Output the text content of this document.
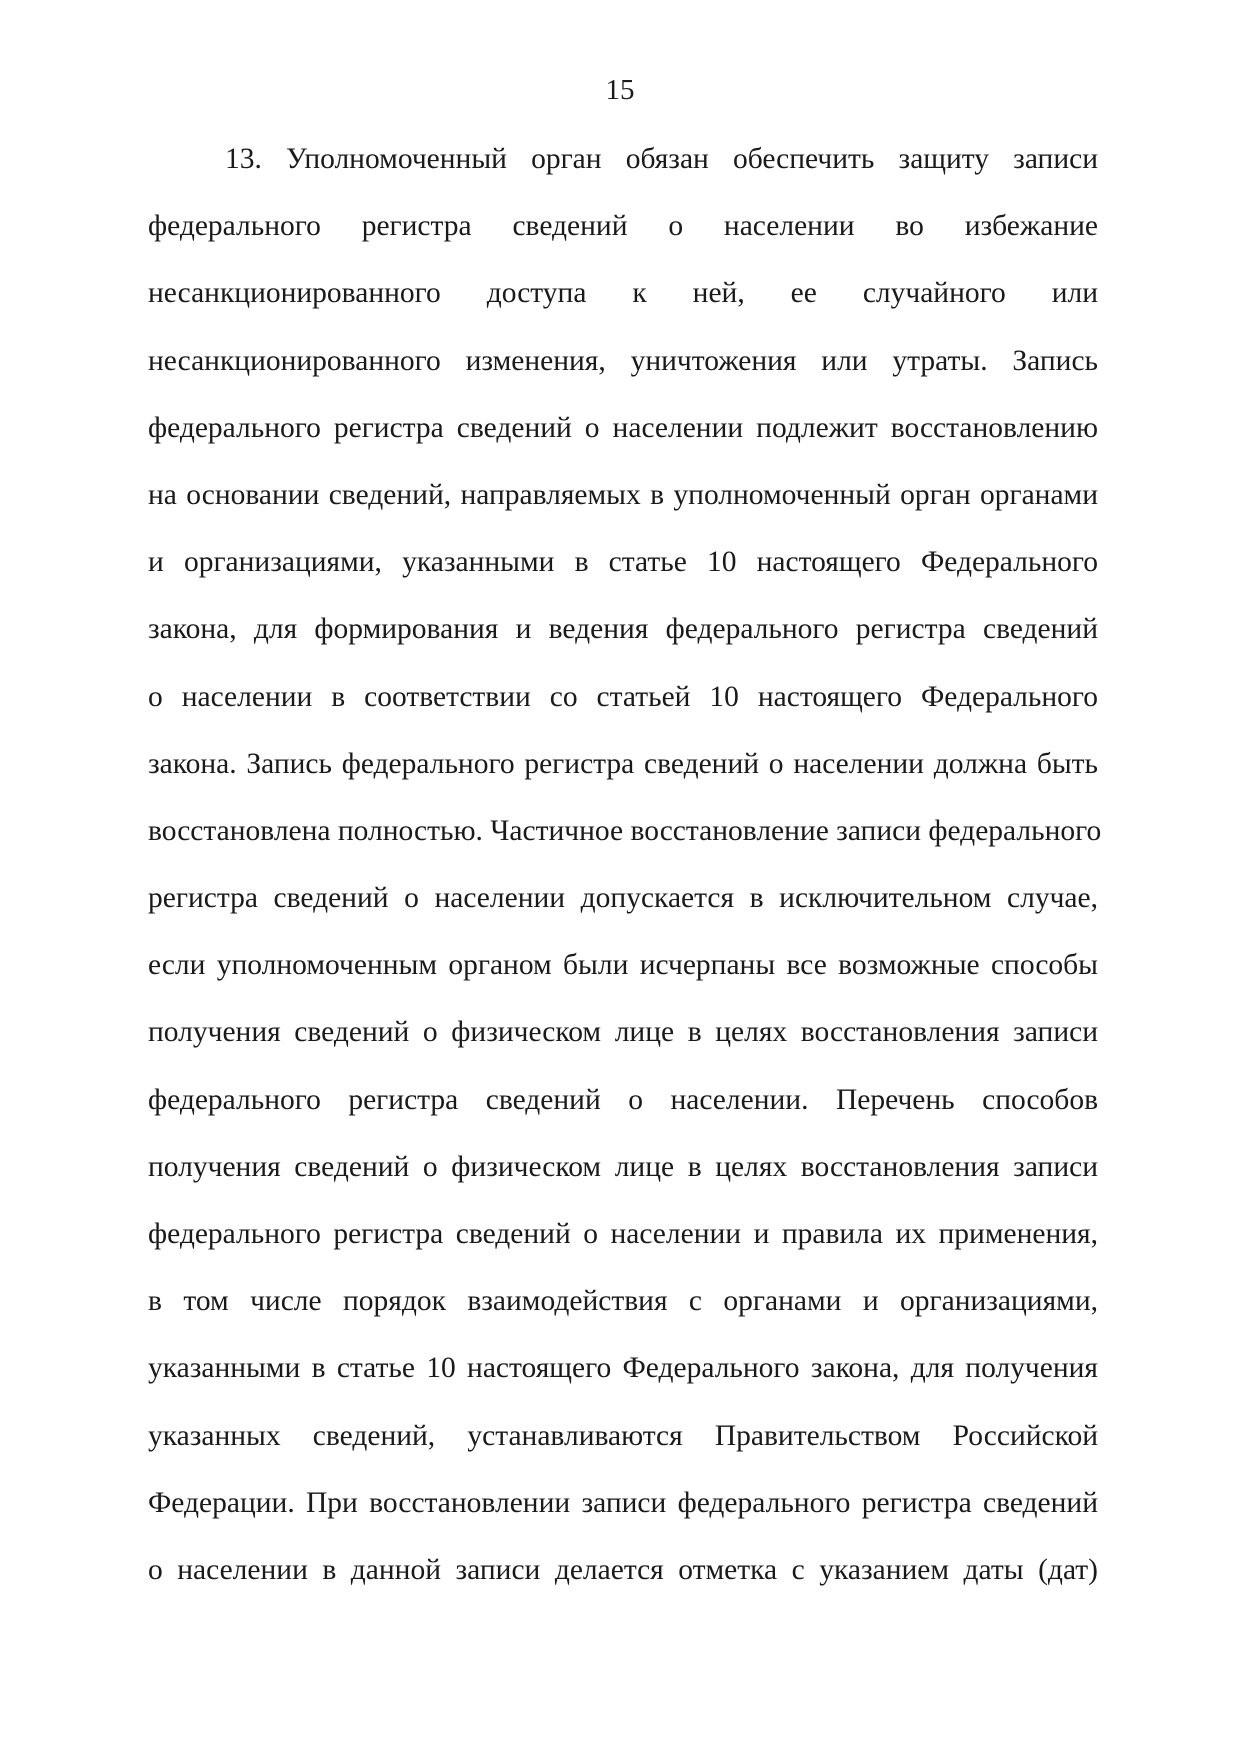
15
13. Уполномоченный орган обязан обеспечить защиту записи
федерального регистра сведений о населении во избежание
несанкционированного доступа к ней, ее случайного или
несанкционированного изменения, уничтожения или утраты. Запись
федерального регистра сведений о населении подлежит восстановлению
на основании сведений, направляемых в уполномоченный орган органами
и организациями, указанными в статье 10 настоящего Федерального
закона, для формирования и ведения федерального регистра сведений
о населении в соответствии со статьей 10 настоящего Федерального
закона. Запись федерального регистра сведений о населении должна быть
восстановлена полностью. Частичное восстановление записи федерального
регистра сведений о населении допускается в исключительном случае,
если уполномоченным органом были исчерпаны все возможные способы
получения сведений о физическом лице в целях восстановления записи
федерального регистра сведений о населении. Перечень способов
получения сведений о физическом лице в целях восстановления записи
федерального регистра сведений о населении и правила их применения,
в том числе порядок взаимодействия с органами и организациями,
указанными в статье 10 настоящего Федерального закона, для получения
указанных сведений, устанавливаются Правительством Российской
Федерации. При восстановлении записи федерального регистра сведений
о населении в данной записи делается отметка с указанием даты (дат)
